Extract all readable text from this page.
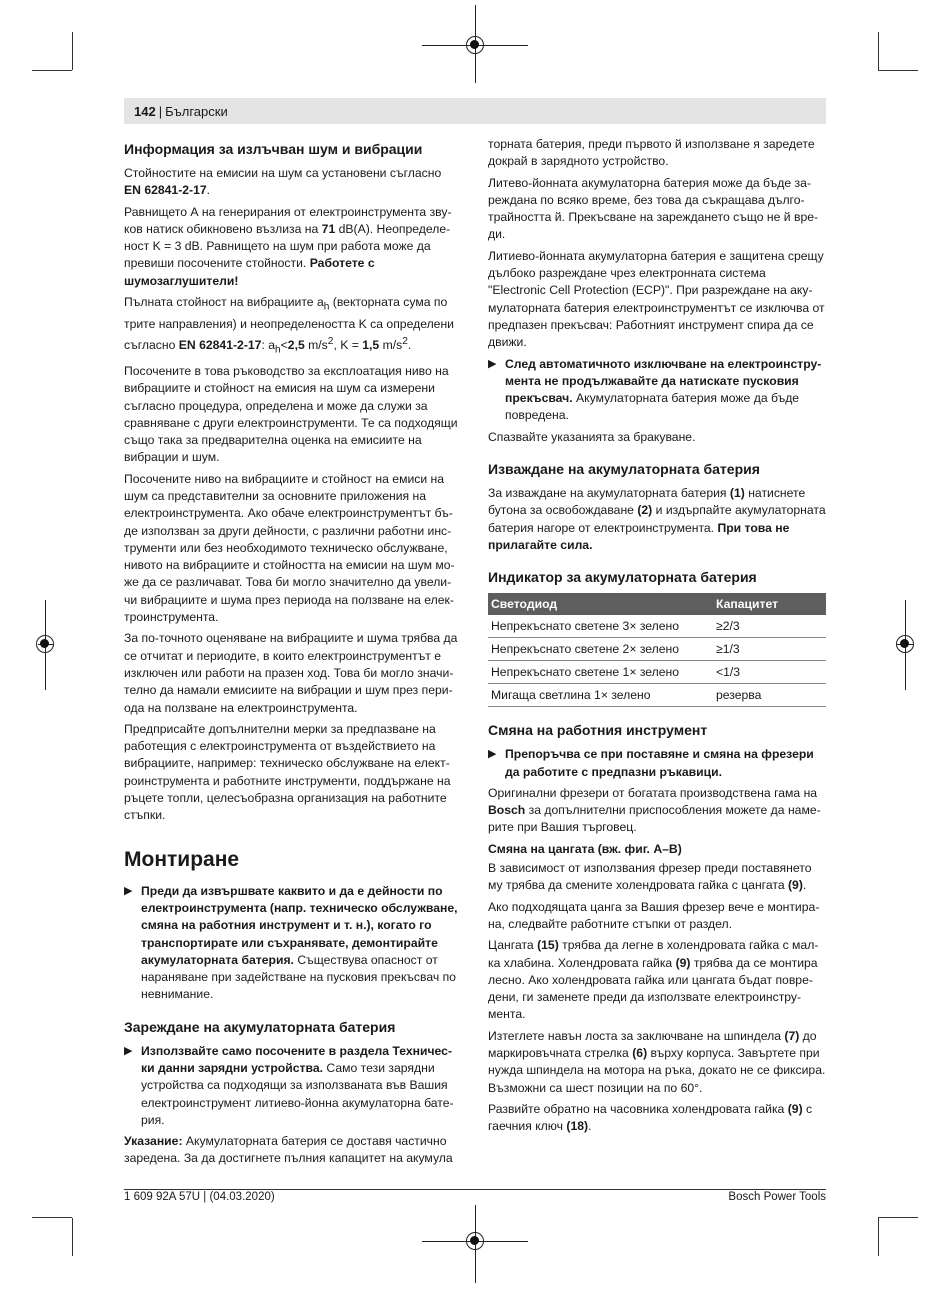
142 | Български
Информация за излъчван шум и вибрации

Стойностите на емисии на шум са установени съгласно EN 62841-2-17.

Равнището А на генерирания от електроинструмента звуков натиск обикновено възлиза на 71 dB(A). Неопределеност K = 3 dB. Равнището на шум при работа може да превиши посочените стойности. Работете с шумозаглушители!

Пълната стойност на вибрациите $a_h$ (векторната сума по трите направления) и неопределеността K са определени съгласно EN 62841-2-17: $a_h<2,5$ $m/s^2$, K = 1,5 $m/s^2$.

Посочените в това ръководство за експлоатация ниво на вибрациите и стойност на емисия на шум са измерени съгласно процедура, определена и може да служи за сравняване с други електроинструменти. Те са подходящи също така за предварителна оценка на емисиите на вибрации и шум.

Посочените ниво на вибрациите и стойност на емиси на шум са представителни за основните приложения на електроинструмента. Ако обаче електроинструментът бъде използван за други дейности, с различни работни инструменти или без необходимото техническо обслужване, нивото на вибрациите и стойността на емисии на шум може да се различават. Това би могло значително да увеличи вибрациите и шума през периода на ползване на електроинструмента.

За по-точното оценяване на вибрациите и шума трябва да се отчитат и периодите, в които електроинструментът е изключен или работи на празен ход. Това би могло значително да намали емисиите на вибрации и шум през периода на ползване на електроинструмента.

Предприсайте допълнителни мерки за предпазване на работещия с електроинструмента от въздействието на вибрациите, например: техническо обслужване на електроинструмента и работните инструменти, поддържане на ръцете топли, целесъобразна организация на работните стъпки.

Монтиране
▶ Преди да извършвате каквито и да е дейности по електроинструмента (напр. техническо обслужване, смяна на работния инструмент и т. н.), когато го транспортирате или съхранявате, демонтирайте акумулаторната батерия. Съществува опасност от нараняване при задействане на пусковия прекъсвач по невнимание.
Зареждане на акумулаторната батерия
▶ Използвайте само посочените в раздела Технически данни зарядни устройства. Само тези зарядни устройства са подходящи за използваната във Вашия електроинструмент литиево-йонна акумулаторна батерия.

Указание: Акумулаторната батерия се доставя частично заредена. За да достигнете пълния капацитет на акумула

торната батерия, преди първото й използване я заредете докрай в зарядното устройство.

Литево-йонната акумулаторна батерия може да бъде зареждана по всяко време, без това да съкращава дълготрайността й. Прекъсване на зареждането също не й вреди.

Литиево-йонната акумулаторна батерия е защитена срещу дълбоко разреждане чрез електронната система "Electronic Cell Protection (ECP)". При разреждане на акумулаторната батерия електроинструментът се изключва от предпазен прекъсвач: Работният инструмент спира да се движи.

▶ След автоматичното изключване на електроинструмента не продължавайте да натискате пусковия прекъсвач. Акумулаторната батерия може да бъде повредена.

Спазвайте указанията за бракуване.

Изваждане на акумулаторната батерия

За изваждане на акумулаторната батерия (1) натиснете бутона за освобождаване (2) и издърпайте акумулаторната батерия нагоре от електроинструмента. При това не прилагайте сила.

Индикатор за акумулаторната батерия
Светодиод	Капацитет
Непрекъснато светене 3× зелено	≥2/3
Непрекъснато светене 2× зелено	≥1/3
Непрекъснато светене 1× зелено	<1/3
Мигаща светлина 1× зелено	резерва
Смяна на работния инструмент
▶ Препоръчва се при поставяне и смяна на фрезери да работите с предпазни ръкавици.

Оригинални фрезери от богатата производствена гама на Bosch за допълнителни приспособления можете да намерите при Вашия търговец.

Смяна на цангата (вж. фиг. A–B)

В зависимост от използвания фрезер преди поставянето му трябва да смените холендровата гайка с цангата (9).

Ако подходящата цанга за Вашия фрезер вече е монтирана, следвайте работните стъпки от раздел.

Цангата (15) трябва да легне в холендровата гайка с малка хлабина. Холендровата гайка (9) трябва да се монтира лесно. Ако холендровата гайка или цангата бъдат повредени, ги заменете преди да използвате електроинструмента.

Изтеглете навън лоста за заключване на шпиндела (7) до маркировъчната стрелка (6) върху корпуса. Завъртете при нужда шпиндела на мотора на ръка, докато не се фиксира. Възможни са шест позиции на по 60°.

Развийте обратно на часовника холендровата гайка (9) с гаечния ключ (18).

1 609 92A 57U | (04.03.2020)	Bosch Power Tools
